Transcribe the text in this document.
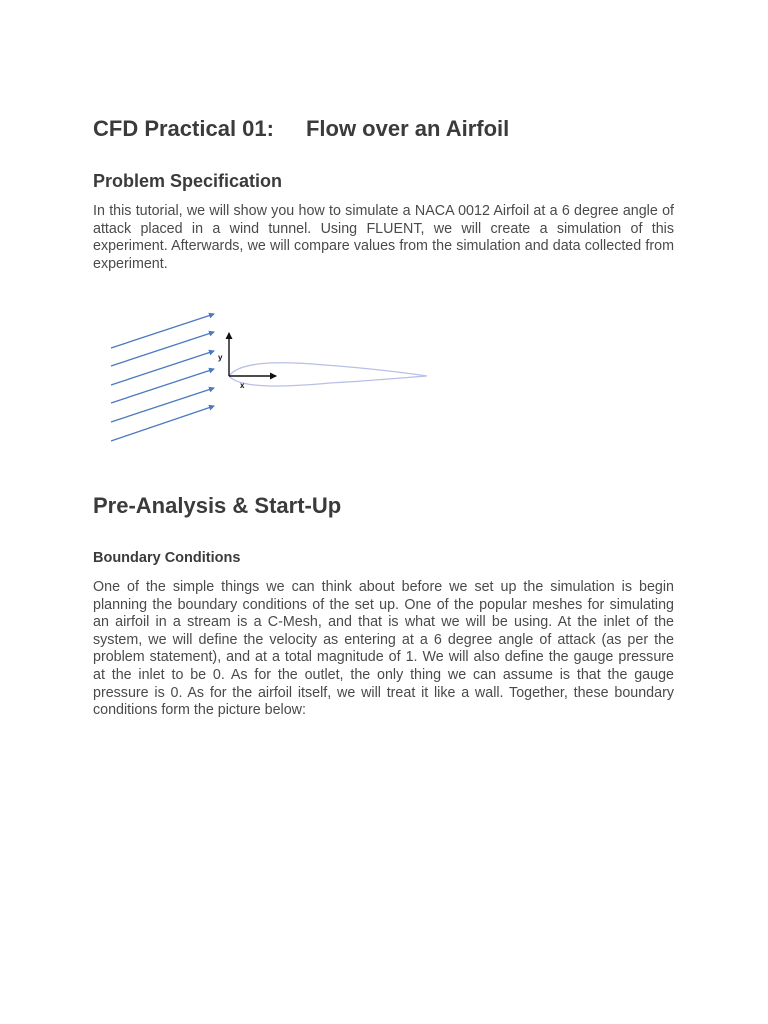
CFD Practical 01: Flow over an Airfoil
Problem Specification

In this tutorial, we will show you how to simulate a NACA 0012 Airfoil at a 6 degree angle of attack placed in a wind tunnel. Using FLUENT, we will create a simulation of this experiment. Afterwards, we will compare values from the simulation and data collected from experiment.

Pre-Analysis & Start-Up
Boundary Conditions

One of the simple things we can think about before we set up the simulation is begin planning the boundary conditions of the set up. One of the popular meshes for simulating an airfoil in a stream is a C-Mesh, and that is what we will be using. At the inlet of the system, we will define the velocity as entering at a 6 degree angle of attack (as per the problem statement), and at a total magnitude of 1. We will also define the gauge pressure at the inlet to be 0. As for the outlet, the only thing we can assume is that the gauge pressure is 0. As for the airfoil itself, we will treat it like a wall. Together, these boundary conditions form the picture below:

y
x
